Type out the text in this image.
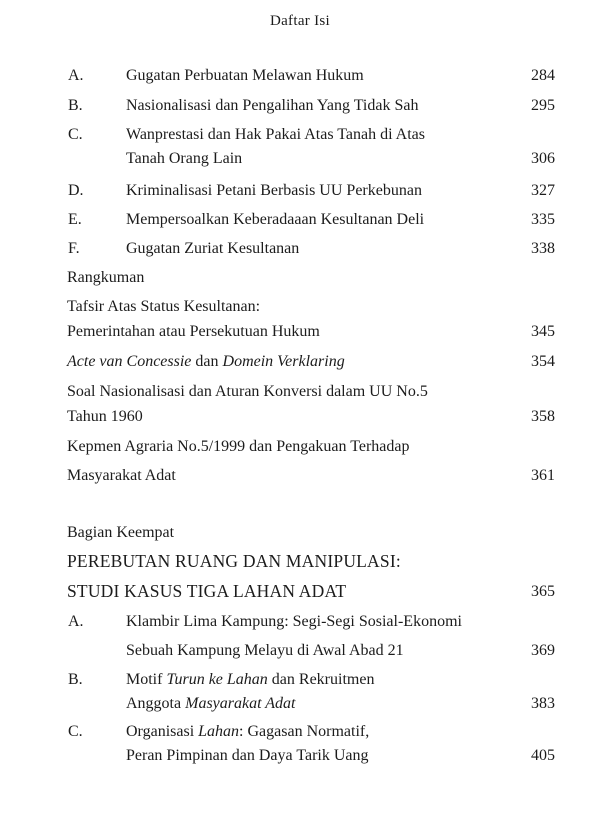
Daftar Isi
A.	Gugatan Perbuatan Melawan Hukum	284
B.	Nasionalisasi dan Pengalihan Yang Tidak Sah	295
C.	Wanprestasi dan Hak Pakai Atas Tanah di Atas
Tanah Orang Lain	306
D.	Kriminalisasi Petani Berbasis UU Perkebunan	327
E.	Mempersoalkan Keberadaaan Kesultanan Deli	335
F.	Gugatan Zuriat Kesultanan	338
Rangkuman
Tafsir Atas Status Kesultanan:
Pemerintahan atau Persekutuan Hukum	345
Acte van Concessie dan Domein Verklaring	354
Soal Nasionalisasi dan Aturan Konversi dalam UU No.5
Tahun 1960	358
Kepmen Agraria No.5/1999 dan Pengakuan Terhadap
Masyarakat Adat	361
Bagian Keempat
PEREBUTAN RUANG DAN MANIPULASI:
STUDI KASUS TIGA LAHAN ADAT	365
A.	Klambir Lima Kampung: Segi-Segi Sosial-Ekonomi
Sebuah Kampung Melayu di Awal Abad 21	369
B.	Motif Turun ke Lahan dan Rekruitmen
Anggota Masyarakat Adat	383
C.	Organisasi Lahan: Gagasan Normatif,
Peran Pimpinan dan Daya Tarik Uang	405
